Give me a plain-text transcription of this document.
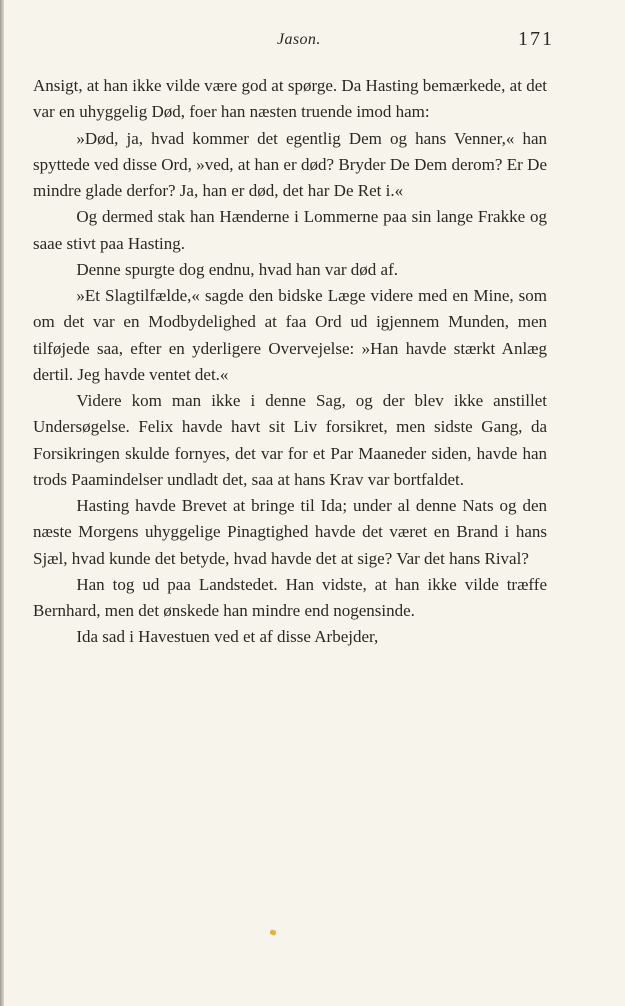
Jason.	171

Ansigt, at han ikke vilde være god at spørge. Da Hasting bemærkede, at det var en uhyggelig Død, foer han næsten truende imod ham:

»Død, ja, hvad kommer det egentlig Dem og hans Venner,« han spyttede ved disse Ord, »ved, at han er død? Bryder De Dem derom? Er De mindre glade derfor? Ja, han er død, det har De Ret i.«

Og dermed stak han Hænderne i Lommerne paa sin lange Frakke og saae stivt paa Hasting.

Denne spurgte dog endnu, hvad han var død af.

»Et Slagtilfælde,« sagde den bidske Læge videre med en Mine, som om det var en Modbydelighed at faa Ord ud igjennem Munden, men tilføjede saa, efter en yderligere Overvejelse: »Han havde stærkt Anlæg dertil. Jeg havde ventet det.«

Videre kom man ikke i denne Sag, og der blev ikke anstillet Undersøgelse. Felix havde havt sit Liv forsikret, men sidste Gang, da Forsikringen skulde fornyes, det var for et Par Maaneder siden, havde han trods Paamindelser undladt det, saa at hans Krav var bortfaldet.

Hasting havde Brevet at bringe til Ida; under al denne Nats og den næste Morgens uhyggelige Pinagtighed havde det været en Brand i hans Sjæl, hvad kunde det betyde, hvad havde det at sige? Var det hans Rival?

Han tog ud paa Landstedet. Han vidste, at han ikke vilde træffe Bernhard, men det ønskede han mindre end nogensinde.

Ida sad i Havestuen ved et af disse Arbejder,
